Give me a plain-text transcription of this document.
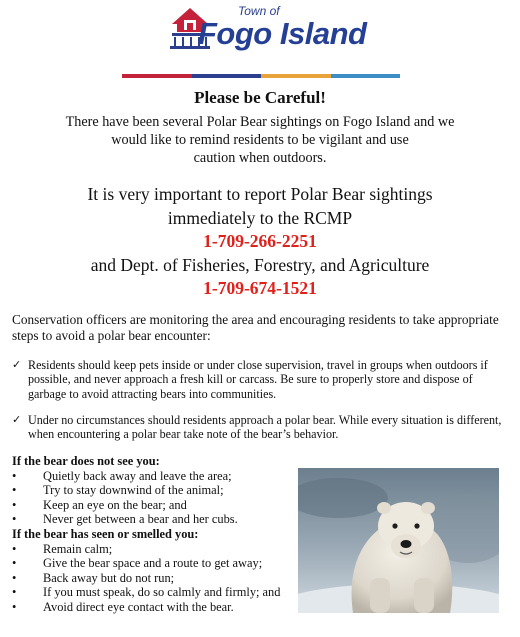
Town of
Fogo Island
Please be Careful!
There have been several Polar Bear sightings on Fogo Island and we
would like to remind residents to be vigilant and use
caution when outdoors.
It is very important to report Polar Bear sightings
immediately to the RCMP
1-709-266-2251
and Dept. of Fisheries, Forestry, and Agriculture
1-709-674-1521
Conservation officers are monitoring the area and encouraging residents to take appropriate steps to avoid a polar bear encounter:
✓ Residents should keep pets inside or under close supervision, travel in groups when outdoors if possible, and never approach a fresh kill or carcass. Be sure to properly store and dispose of garbage to avoid attracting bears into communities.
✓ Under no circumstances should residents approach a polar bear. While every situation is different, when encountering a polar bear take note of the bear’s behavior.
If the bear does not see you:
• Quietly back away and leave the area;
• Try to stay downwind of the animal;
• Keep an eye on the bear; and
• Never get between a bear and her cubs.
If the bear has seen or smelled you:
• Remain calm;
• Give the bear space and a route to get away;
• Back away but do not run;
• If you must speak, do so calmly and firmly; and
• Avoid direct eye contact with the bear.
